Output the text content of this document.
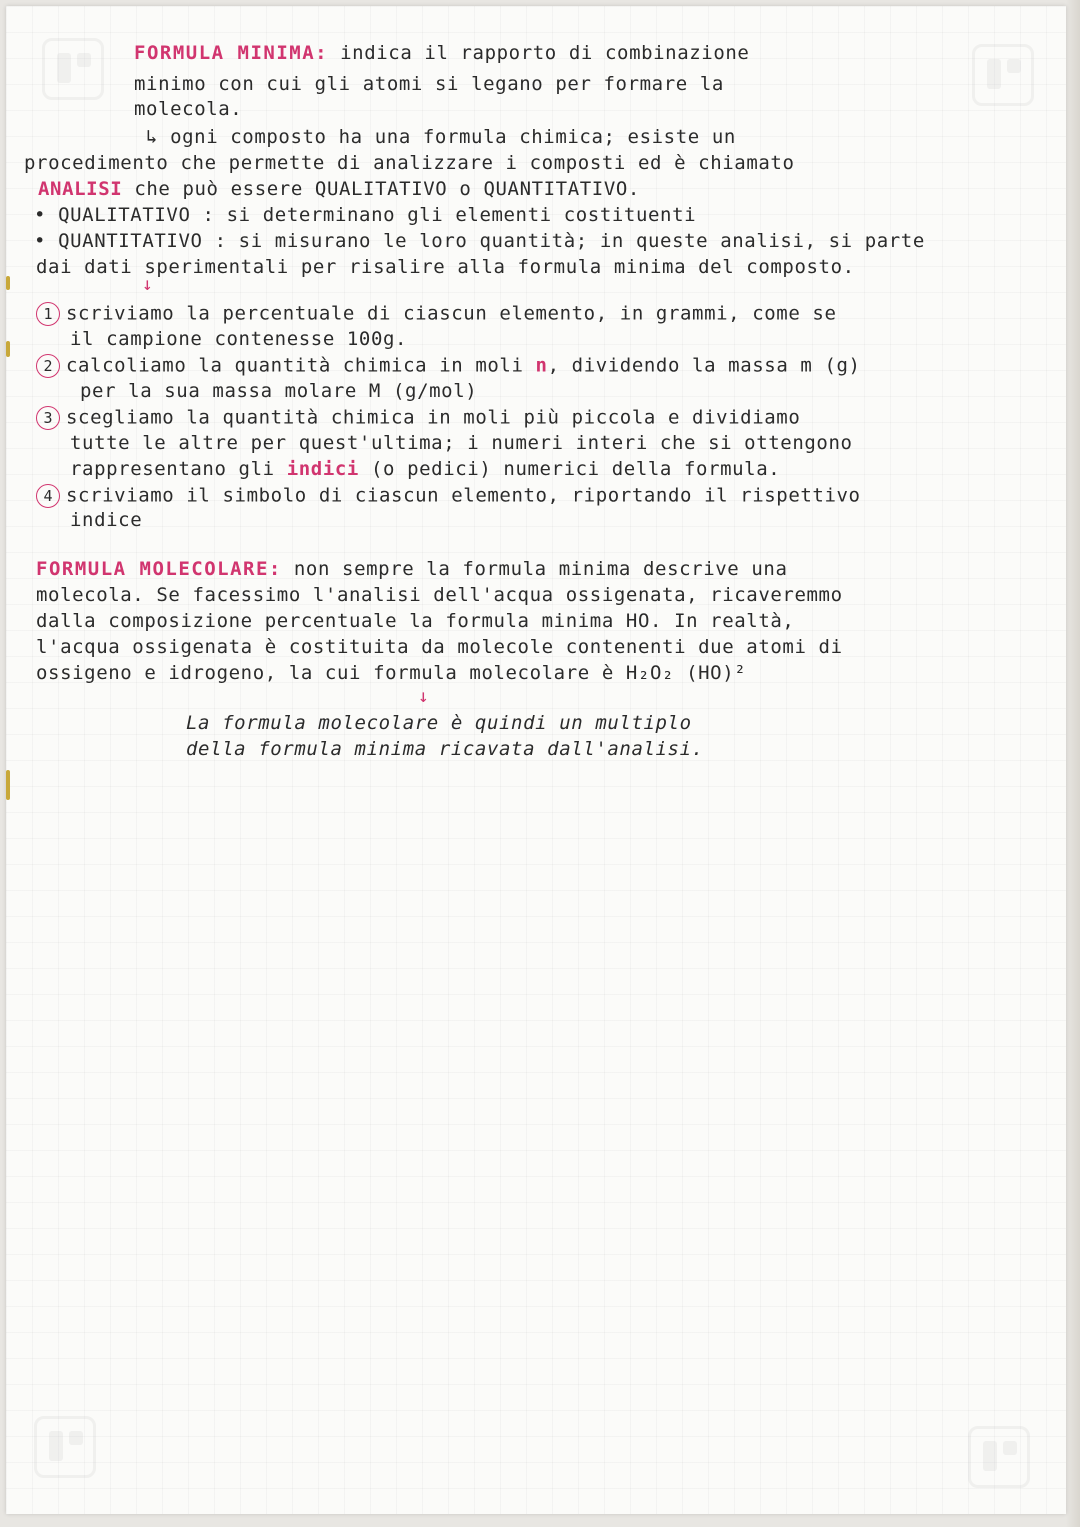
FORMULA MINIMA: indica il rapporto di combinazione
minimo con cui gli atomi si legano per formare la
molecola.
↳ ogni composto ha una formula chimica; esiste un
procedimento che permette di analizzare i composti ed è chiamato
ANALISI che può essere QUALITATIVO o QUANTITATIVO.
• QUALITATIVO : si determinano gli elementi costituenti
• QUANTITATIVO : si misurano le loro quantità; in queste analisi, si parte
dai dati sperimentali per risalire alla formula minima del composto.
↓
1 scriviamo la percentuale di ciascun elemento, in grammi, come se
il campione contenesse 100g.
2 calcoliamo la quantità chimica in moli n, dividendo la massa m (g)
per la sua massa molare M (g/mol)
3 scegliamo la quantità chimica in moli più piccola e dividiamo
tutte le altre per quest'ultima; i numeri interi che si ottengono
rappresentano gli indici (o pedici) numerici della formula.
4 scriviamo il simbolo di ciascun elemento, riportando il rispettivo
indice
FORMULA MOLECOLARE: non sempre la formula minima descrive una
molecola. Se facessimo l'analisi dell'acqua ossigenata, ricaveremmo
dalla composizione percentuale la formula minima HO. In realtà,
l'acqua ossigenata è costituita da molecole contenenti due atomi di
ossigeno e idrogeno, la cui formula molecolare è H₂O₂ (HO)²
↓
La formula molecolare è quindi un multiplo
della formula minima ricavata dall'analisi.
